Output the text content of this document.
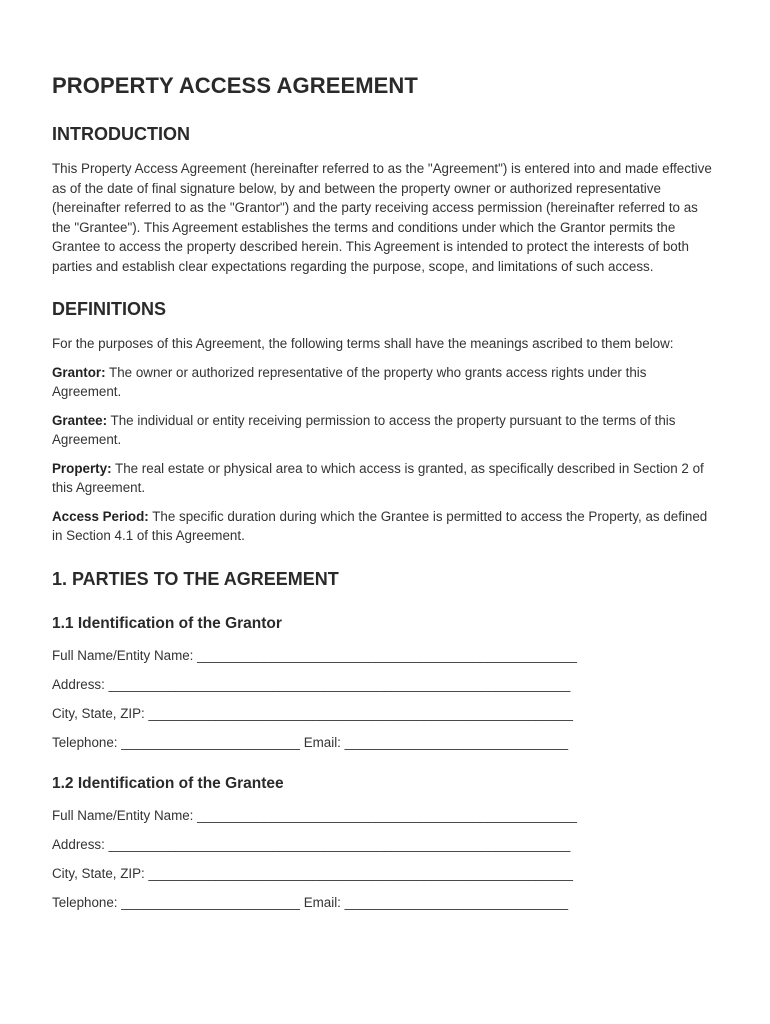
PROPERTY ACCESS AGREEMENT
INTRODUCTION

This Property Access Agreement (hereinafter referred to as the "Agreement") is entered into and made effective as of the date of final signature below, by and between the property owner or authorized representative (hereinafter referred to as the "Grantor") and the party receiving access permission (hereinafter referred to as the "Grantee"). This Agreement establishes the terms and conditions under which the Grantor permits the Grantee to access the property described herein. This Agreement is intended to protect the interests of both parties and establish clear expectations regarding the purpose, scope, and limitations of such access.

DEFINITIONS

For the purposes of this Agreement, the following terms shall have the meanings ascribed to them below:

Grantor: The owner or authorized representative of the property who grants access rights under this Agreement.

Grantee: The individual or entity receiving permission to access the property pursuant to the terms of this Agreement.

Property: The real estate or physical area to which access is granted, as specifically described in Section 2 of this Agreement.

Access Period: The specific duration during which the Grantee is permitted to access the Property, as defined in Section 4.1 of this Agreement.

1. PARTIES TO THE AGREEMENT
1.1 Identification of the Grantor

Full Name/Entity Name: ___________________________________________________

Address: ______________________________________________________________

City, State, ZIP: _________________________________________________________

Telephone: ________________________ Email: ______________________________

1.2 Identification of the Grantee

Full Name/Entity Name: ___________________________________________________

Address: ______________________________________________________________

City, State, ZIP: _________________________________________________________

Telephone: ________________________ Email: ______________________________
